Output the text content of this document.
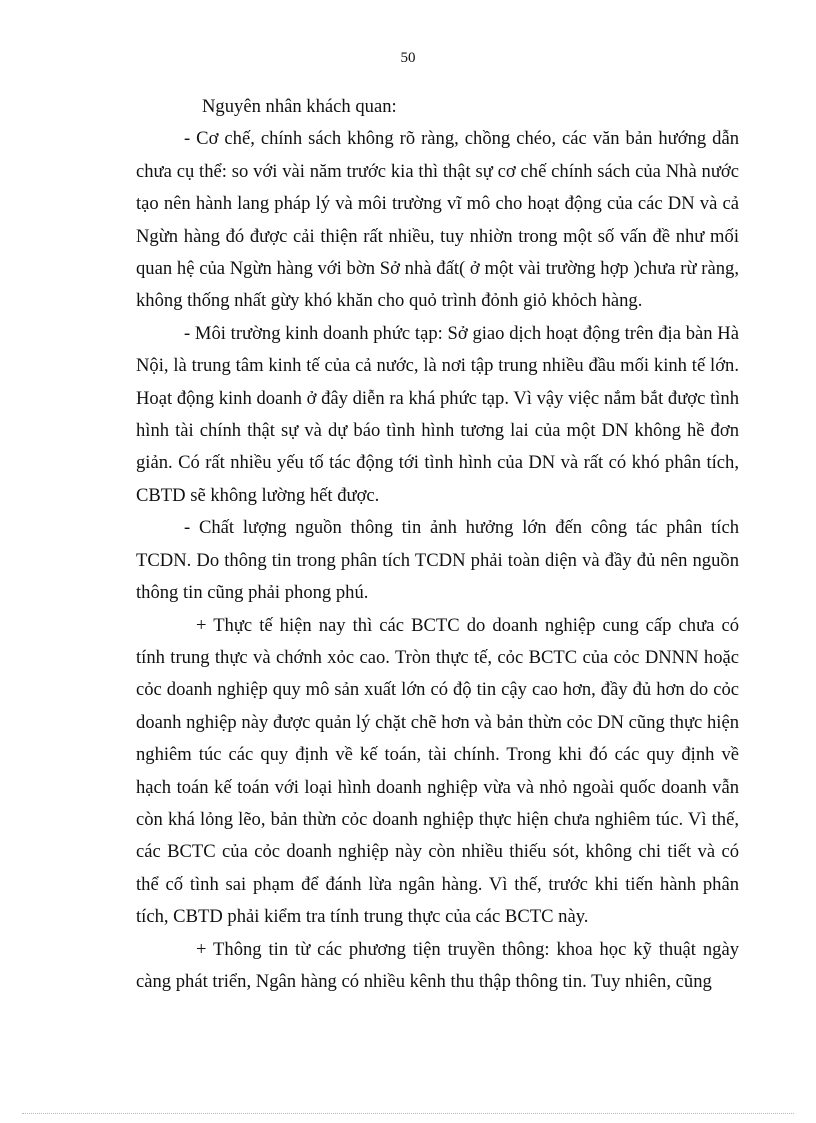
50

Nguyên nhân khách quan:

- Cơ chế, chính sách không rõ ràng, chồng chéo, các văn bản hướng dẫn chưa cụ thể: so với vài năm trước kia thì thật sự cơ chế chính sách của Nhà nước tạo nên hành lang pháp lý và môi trường vĩ mô cho hoạt động của các DN và cả Ngừn hàng đó được cải thiện rất nhiều, tuy nhiờn trong một số vấn đề như mối quan hệ của Ngừn hàng với bờn Sở nhà đất( ở một vài trường hợp )chưa rừ ràng, không thống nhất gừy khó khăn cho quỏ trình đỏnh giỏ khỏch hàng.

- Môi trường kinh doanh phức tạp: Sở giao dịch hoạt động trên địa bàn Hà Nội, là trung tâm kinh tế của cả nước, là nơi tập trung nhiều đầu mối kinh tế lớn. Hoạt động kinh doanh ở đây diễn ra khá phức tạp. Vì vậy việc nắm bắt được tình hình tài chính thật sự và dự báo tình hình tương lai của một DN không hề đơn giản. Có rất nhiều yếu tố tác động tới tình hình của DN và rất có khó phân tích, CBTD sẽ không lường hết được.

- Chất lượng nguồn thông tin ảnh hưởng lớn đến công tác phân tích TCDN. Do thông tin trong phân tích TCDN phải toàn diện và đầy đủ nên nguồn thông tin cũng phải phong phú.

+ Thực tế hiện nay thì các BCTC do doanh nghiệp cung cấp chưa có tính trung thực và chớnh xỏc cao. Tròn thực tế, cỏc BCTC của cỏc DNNN hoặc cỏc doanh nghiệp quy mô sản xuất lớn có độ tin cậy cao hơn, đầy đủ hơn do cỏc doanh nghiệp này được quản lý chặt chẽ hơn và bản thừn cỏc DN cũng thực hiện nghiêm túc các quy định về kế toán, tài chính. Trong khi đó các quy định về hạch toán kế toán với loại hình doanh nghiệp vừa và nhỏ ngoài quốc doanh vẫn còn khá lỏng lẽo, bản thừn cỏc doanh nghiệp thực hiện chưa nghiêm túc. Vì thế, các BCTC của cỏc doanh nghiệp này còn nhiều thiếu sót, không chi tiết và có thể cố tình sai phạm để đánh lừa ngân hàng. Vì thế, trước khi tiến hành phân tích, CBTD phải kiểm tra tính trung thực của các BCTC này.

+ Thông tin từ các phương tiện truyền thông: khoa học kỹ thuật ngày càng phát triển, Ngân hàng có nhiều kênh thu thập thông tin. Tuy nhiên, cũng
